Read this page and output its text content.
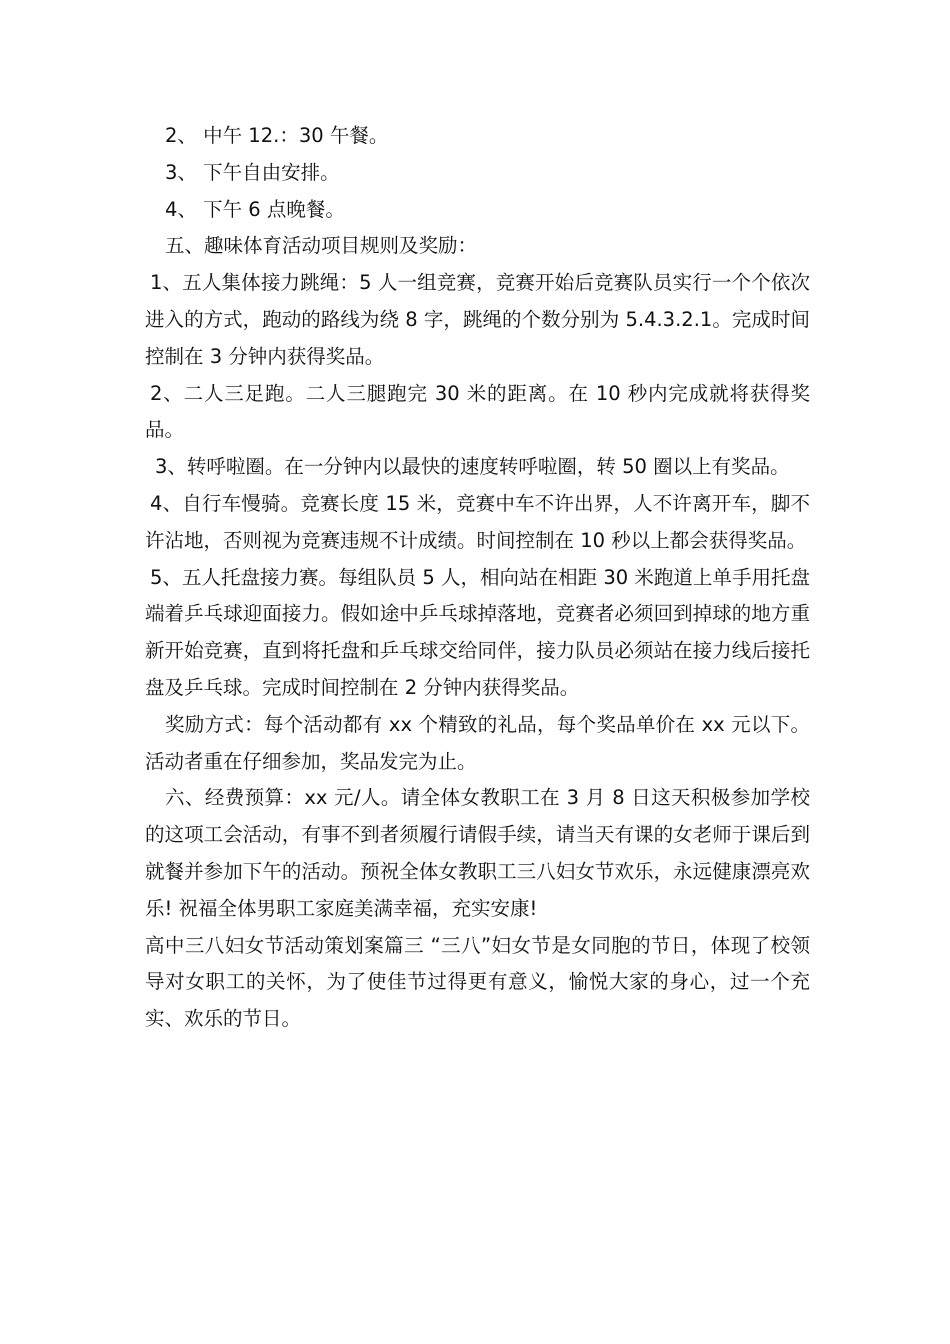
2、 中午 12.：30 午餐。

3、 下午自由安排。

4、 下午 6 点晚餐。

五、趣味体育活动项目规则及奖励：

1、五人集体接力跳绳：5 人一组竞赛，竞赛开始后竞赛队员实行一个个依次进入的方式，跑动的路线为绕 8 字，跳绳的个数分别为 5.4.3.2.1。完成时间控制在 3 分钟内获得奖品。

2、二人三足跑。二人三腿跑完 30 米的距离。在 10 秒内完成就将获得奖品。

3、转呼啦圈。在一分钟内以最快的速度转呼啦圈，转 50 圈以上有奖品。

4、自行车慢骑。竞赛长度 15 米，竞赛中车不许出界，人不许离开车，脚不许沾地，否则视为竞赛违规不计成绩。时间控制在 10 秒以上都会获得奖品。

5、五人托盘接力赛。每组队员 5 人，相向站在相距 30 米跑道上单手用托盘端着乒乓球迎面接力。假如途中乒乓球掉落地，竞赛者必须回到掉球的地方重新开始竞赛，直到将托盘和乒乓球交给同伴，接力队员必须站在接力线后接托盘及乒乓球。完成时间控制在 2 分钟内获得奖品。

奖励方式：每个活动都有 xx 个精致的礼品，每个奖品单价在 xx 元以下。活动者重在仔细参加，奖品发完为止。

六、经费预算：xx 元/人。请全体女教职工在 3 月 8 日这天积极参加学校的这项工会活动，有事不到者须履行请假手续，请当天有课的女老师于课后到就餐并参加下午的活动。预祝全体女教职工三八妇女节欢乐，永远健康漂亮欢乐! 祝福全体男职工家庭美满幸福，充实安康!

高中三八妇女节活动策划案篇三 “三八”妇女节是女同胞的节日，体现了校领导对女职工的关怀，为了使佳节过得更有意义，愉悦大家的身心，过一个充实、欢乐的节日。
